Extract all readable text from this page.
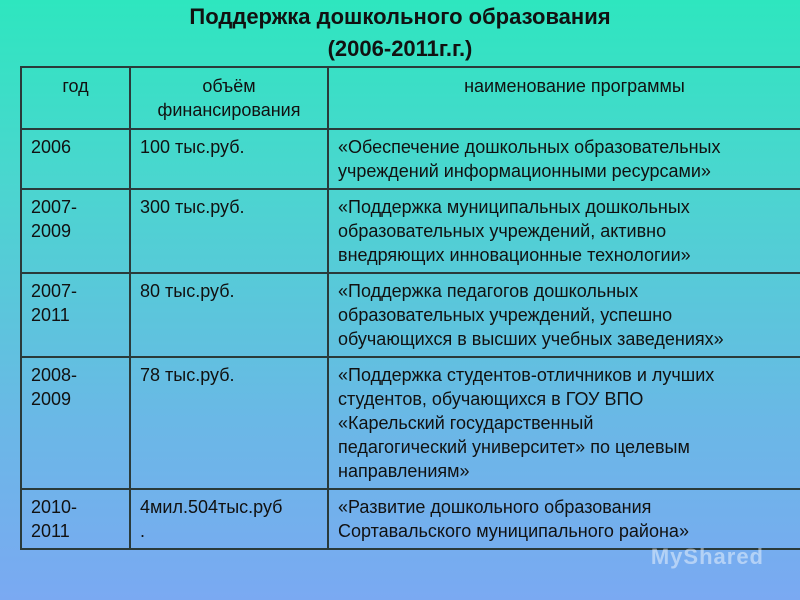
Поддержка дошкольного образования
(2006-2011г.г.)
год	объём финансирования	наименование программы
2006	100 тыс.руб.	«Обеспечение дошкольных образовательных
учреждений информационными ресурсами»
2007-
2009	300 тыс.руб.	«Поддержка муниципальных дошкольных
образовательных учреждений, активно
внедряющих инновационные технологии»
2007-
2011	80 тыс.руб.	«Поддержка педагогов дошкольных
образовательных учреждений, успешно
обучающихся в высших учебных заведениях»
2008-
2009	78 тыс.руб.	«Поддержка студентов-отличников и лучших
студентов, обучающихся в ГОУ ВПО
«Карельский государственный
педагогический университет» по целевым
направлениям»
2010-
2011	4мил.504тыс.руб
.	«Развитие дошкольного образования
Сортавальского муниципального района»
MyShared
